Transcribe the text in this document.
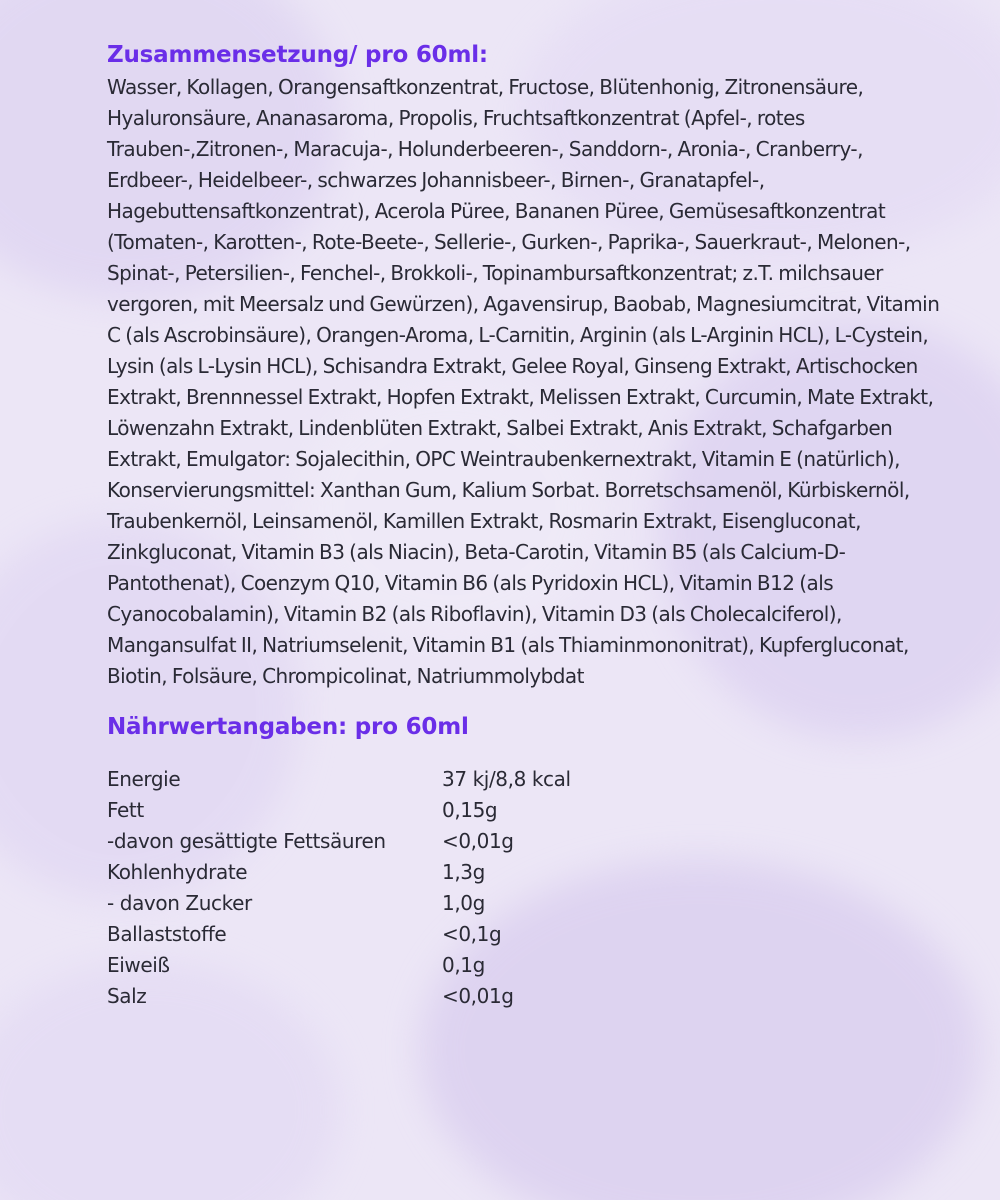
Zusammensetzung/ pro 60ml:

Wasser, Kollagen, Orangensaftkonzentrat, Fructose, Blütenhonig, Zitronensäure, Hyaluronsäure, Ananasaroma, Propolis, Fruchtsaftkonzentrat (Apfel-, rotes Trauben-,Zitronen-, Maracuja-, Holunderbeeren-, Sanddorn-, Aronia-, Cranberry-, Erdbeer-, Heidelbeer-, schwarzes Johannisbeer-, Birnen-, Granatapfel-, Hagebuttensaftkonzentrat), Acerola Püree, Bananen Püree, Gemüsesaftkonzentrat (Tomaten-, Karotten-, Rote-Beete-, Sellerie-, Gurken-, Paprika-, Sauerkraut-, Melonen-, Spinat-, Petersilien-, Fenchel-, Brokkoli-, Topinambursaftkonzentrat; z.T. milchsauer vergoren, mit Meersalz und Gewürzen), Agavensirup, Baobab, Magnesiumcitrat, Vitamin C (als Ascrobinsäure), Orangen-Aroma, L-Carnitin, Arginin (als L-Arginin HCL), L-Cystein, Lysin (als L-Lysin HCL), Schisandra Extrakt, Gelee Royal, Ginseng Extrakt, Artischocken Extrakt, Brennnessel Extrakt, Hopfen Extrakt, Melissen Extrakt, Curcumin, Mate Extrakt, Löwenzahn Extrakt, Lindenblüten Extrakt, Salbei Extrakt, Anis Extrakt, Schafgarben Extrakt, Emulgator: Sojalecithin, OPC Weintraubenkernextrakt, Vitamin E (natürlich), Konservierungsmittel: Xanthan Gum, Kalium Sorbat. Borretschsamenöl, Kürbiskernöl, Traubenkernöl, Leinsamenöl, Kamillen Extrakt, Rosmarin Extrakt, Eisengluconat, Zinkgluconat, Vitamin B3 (als Niacin), Beta-Carotin, Vitamin B5 (als Calcium-D-Pantothenat), Coenzym Q10, Vitamin B6 (als Pyridoxin HCL), Vitamin B12 (als Cyanocobalamin), Vitamin B2 (als Riboflavin), Vitamin D3 (als Cholecalciferol), Mangansulfat II, Natriumselenit, Vitamin B1 (als Thiaminmononitrat), Kupfergluconat, Biotin, Folsäure, Chrompicolinat, Natriummolybdat

Nährwertangaben: pro 60ml
Energie	37 kj/8,8 kcal
Fett	0,15g
-davon gesättigte Fettsäuren	<0,01g
Kohlenhydrate	1,3g
- davon Zucker	1,0g
Ballaststoffe	<0,1g
Eiweiß	0,1g
Salz	<0,01g
